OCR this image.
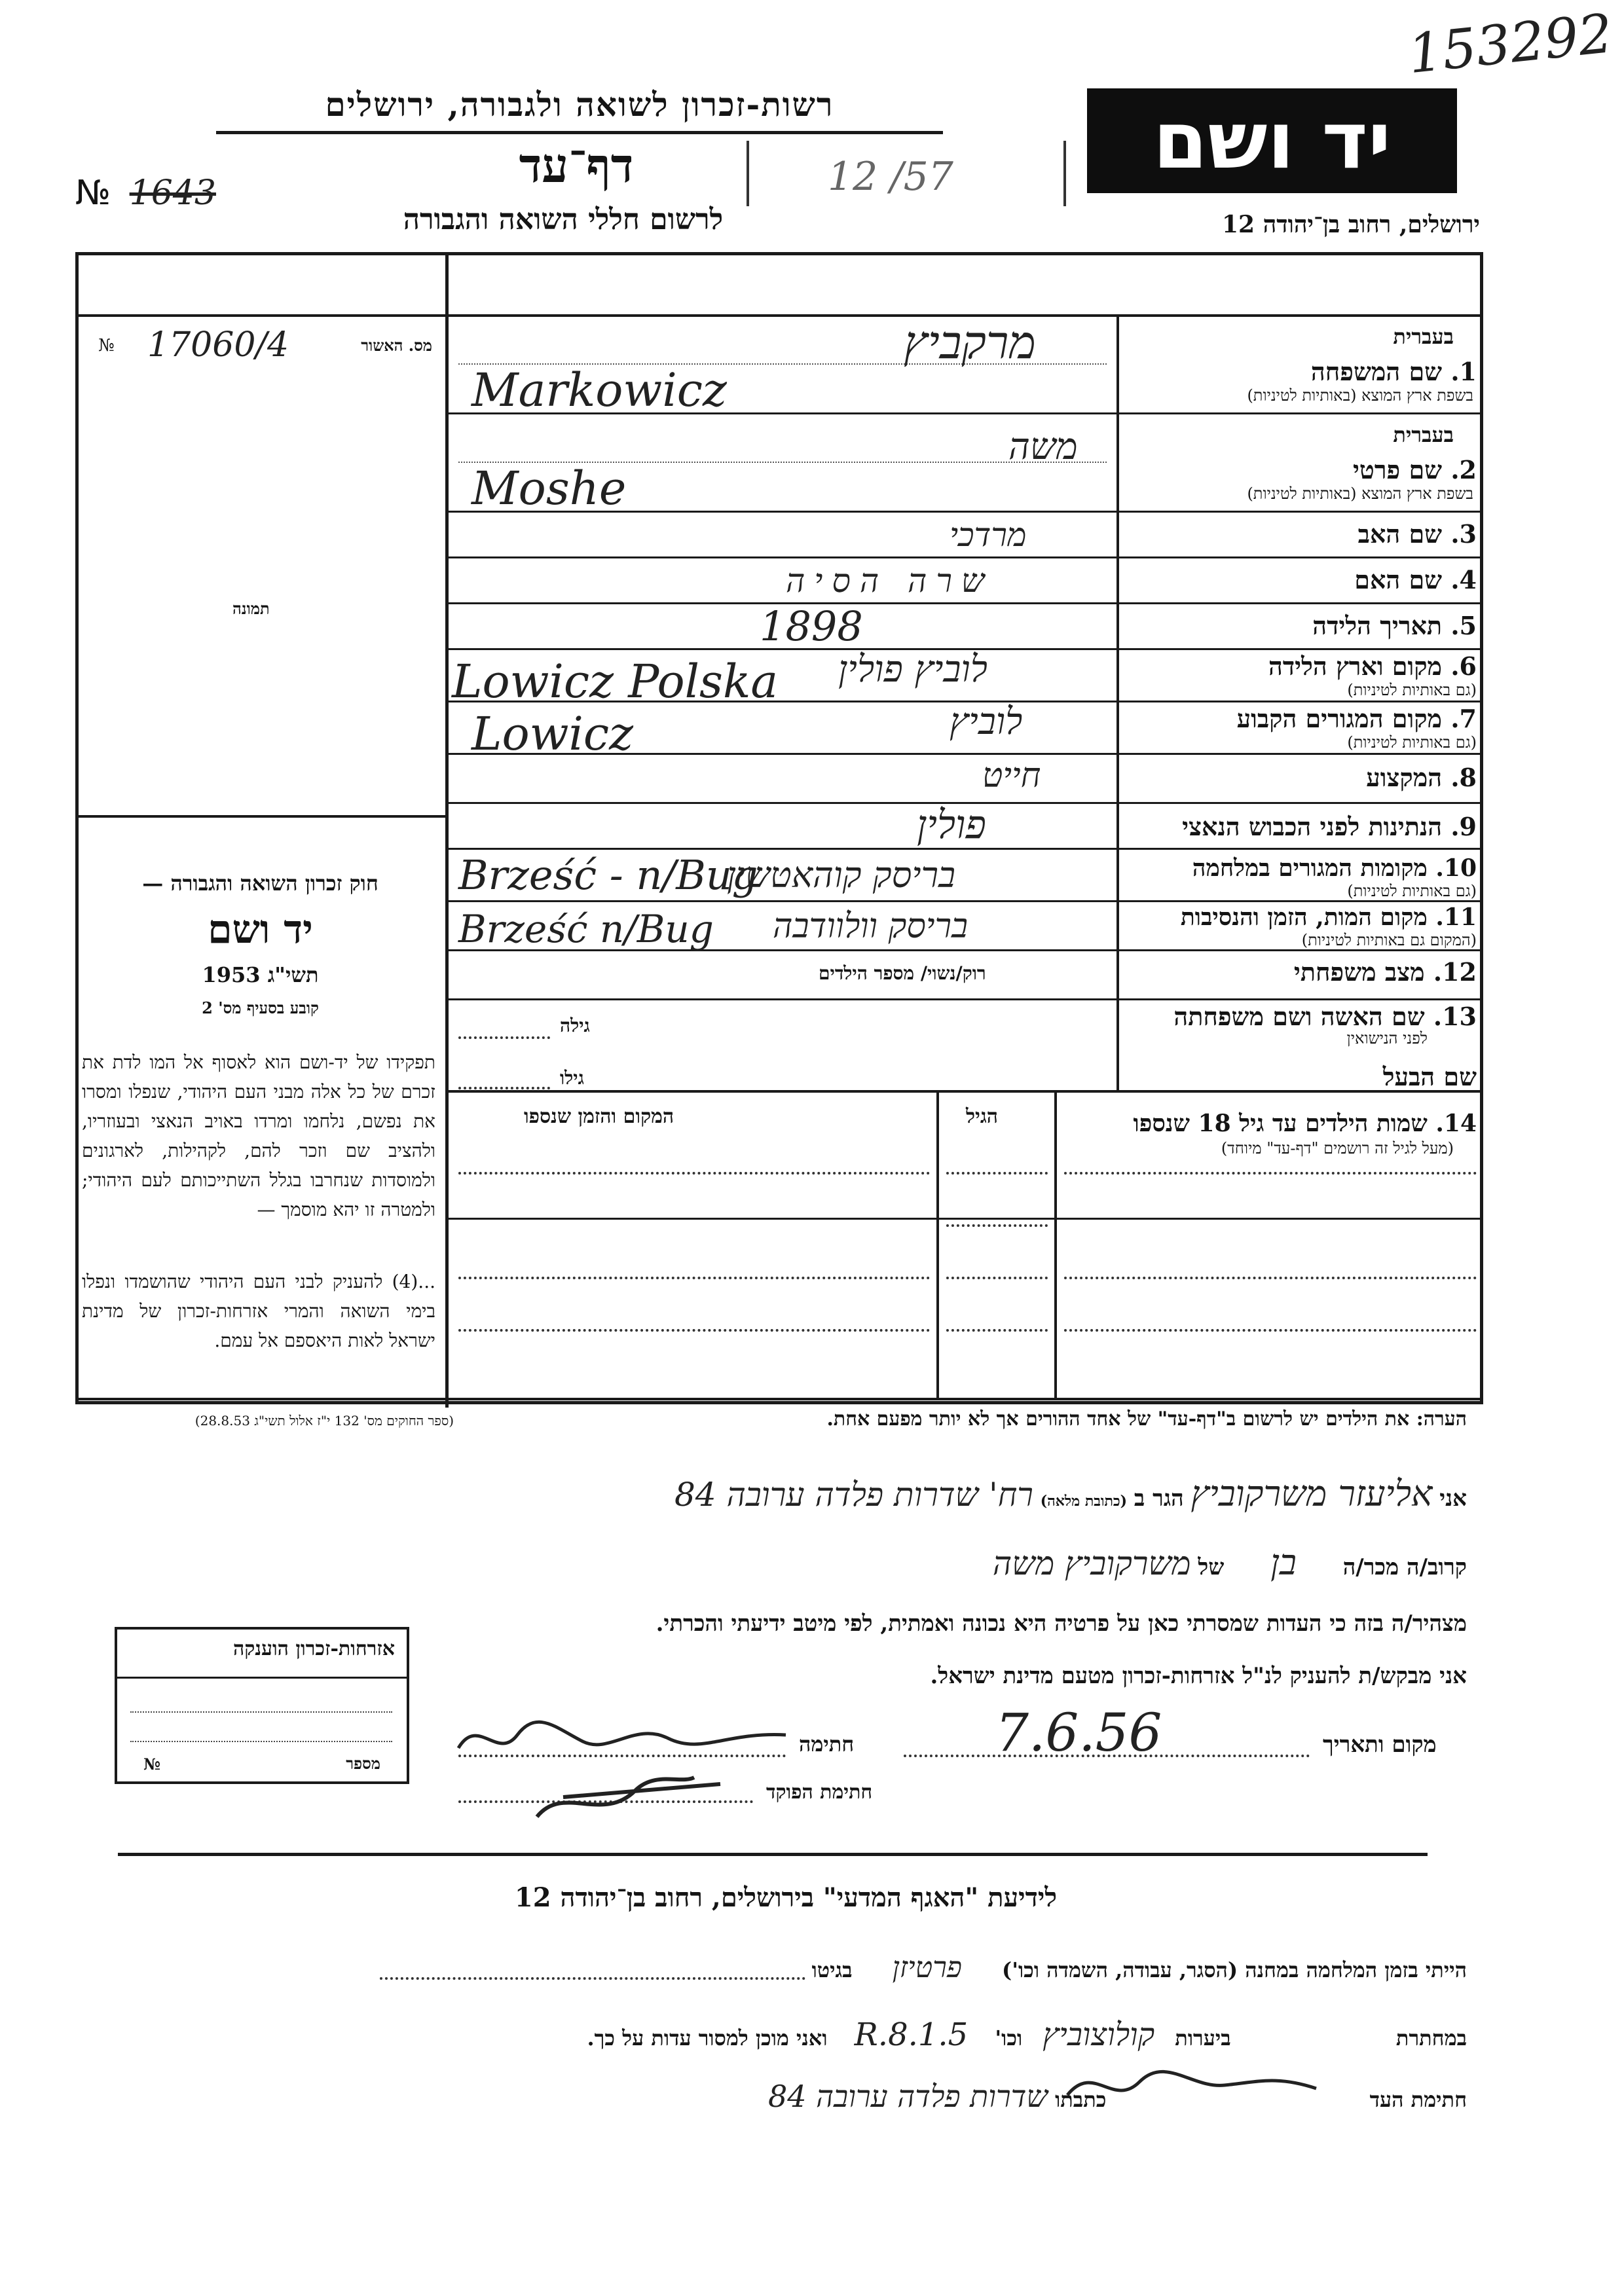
153292
רשות-זכרון לשואה ולגבורה, ירושלים	יד ושם
דף־עד
№ 1643	12 /57
לרשום חללי השואה והגבורה	ירושלים, רחוב בן־יהודה 12
№ 17060/4	מס. האשור
תמונה
חוק זכרון השואה והגבורה —
יד ושם
תשי"ג 1953
קובע בסעיף מס' 2
תפקידו של יד-ושם הוא לאסוף אל המו לדת את זכרם של כל אלה מבני העם היהודי, שנפלו ומסרו את נפשם, נלחמו ומרדו באויב הנאצי ובעוזריו, ולהציב שם וזכר להם, לקהילות, לארגונים ולמוסדות שנחרבו בגלל השתייכותם לעם היהודי; ולמטרה זו יהא מוסמך —
...(4) להעניק לבני העם היהודי שהושמדו ונפלו בימי השואה והמרי אזרחות-זכרון של מדינת ישראל לאות היאספם אל עמם.
(ספר החוקים מס' 132 י"ז אלול תשי"ג 28.8.53)
בעברית
1. שם המשפחה
בשפת ארץ המוצא (באותיות לטיניות)
מרקביץ
Markowicz
בעברית
2. שם פרטי
בשפת ארץ המוצא (באותיות לטיניות)
משה
Moshe
3. שם האב
מרדכי
4. שם האם
שרה הסיה
5. תאריך הלידה
1898
6. מקום וארץ הלידה
(גם באותיות לטיניות)
לוביץ פולין
Lowicz Polska
7. מקום המגורים הקבוע
(גם באותיות לטיניות)
לוביץ
Lowicz
8. המקצוע
חייט
9. הנתינות לפני הכבוש הנאצי
פולין
10. מקומות המגורים במלחמה
(גם באותיות לטיניות)
בריסק קוהאטשין
Brześć - n/Bug
11. מקום המות, הזמן והנסיבות
(המקום גם באותיות לטיניות)
בריסק וולוודבה
Brześć n/Bug
12. מצב משפחתי
רוק/נשוי/ מספר הילדים
13. שם האשה ושם משפחתה
לפני הנישואין
גילה
שם הבעל
גילו
14. שמות הילדים עד גיל 18 שנספו
(מעל לגיל זה רושמים "דף-עד" מיוחד)
הגיל
המקום והזמן שנספו
הערה: את הילדים יש לרשום ב"דף-עד" של אחד ההורים אך לא יותר מפעם אחת.
אני אליעזר משרקוביץ הגר ב (כתובת מלאה) רח' שדרות פלדה ערובה 84
קרוב/ה מכר/ה בן של משרקוביץ משה
מצהיר/ה בזה כי העדות שמסרתי כאן על פרטיה היא נכונה ואמתית, לפי מיטב ידיעתי והכרתי.
אני מבקש/ת להעניק לנ"ל אזרחות-זכרון מטעם מדינת ישראל.
אזרחות-זכרון הוענקה
№	מספר
מקום ותאריך
7.6.56
חתימה
חתימת הפוקד
לידיעת "האגף המדעי" בירושלים, רחוב בן־יהודה 12
הייתי בזמן המלחמה במחנה (הסגר, עבודה, השמדה וכו') פרטיזן בגיטו
במחתרת  ביערות קולוצוביץ וכו' 8.1.5.R ואני מוכן למסור עדות על כך.
חתימת העד  כתבתו שדרות פלדה ערובה 84
